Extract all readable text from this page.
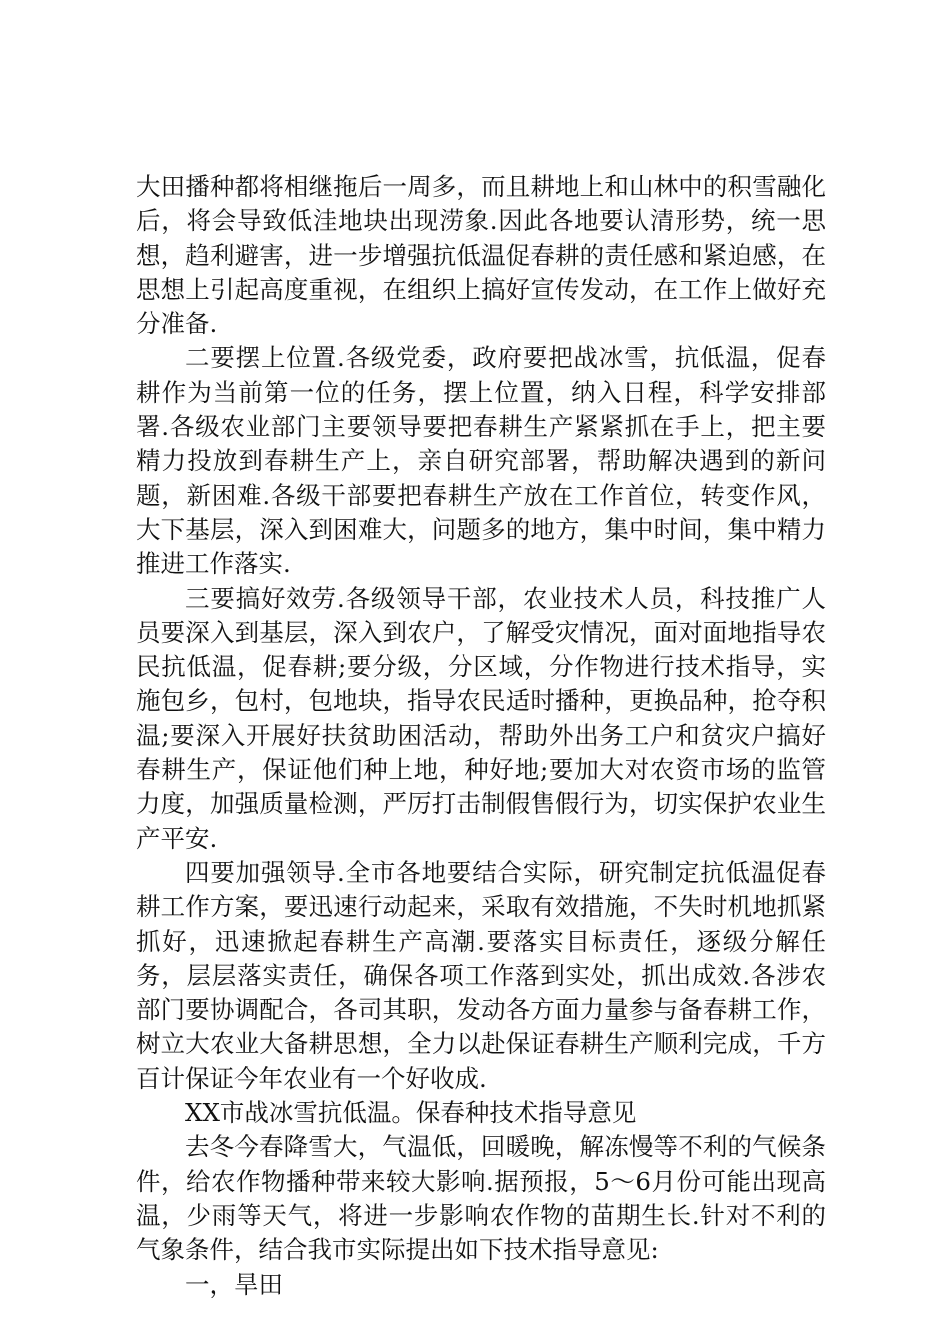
大田播种都将相继拖后一周多，而且耕地上和山林中的积雪融化后，将会导致低洼地块出现涝象.因此各地要认清形势，统一思想，趋利避害，进一步增强抗低温促春耕的责任感和紧迫感，在思想上引起高度重视，在组织上搞好宣传发动，在工作上做好充分准备.

二要摆上位置.各级党委，政府要把战冰雪，抗低温，促春耕作为当前第一位的任务，摆上位置，纳入日程，科学安排部署.各级农业部门主要领导要把春耕生产紧紧抓在手上，把主要精力投放到春耕生产上，亲自研究部署，帮助解决遇到的新问题，新困难.各级干部要把春耕生产放在工作首位，转变作风，大下基层，深入到困难大，问题多的地方，集中时间，集中精力推进工作落实.

三要搞好效劳.各级领导干部，农业技术人员，科技推广人员要深入到基层，深入到农户，了解受灾情况，面对面地指导农民抗低温，促春耕;要分级，分区域，分作物进行技术指导，实施包乡，包村，包地块，指导农民适时播种，更换品种，抢夺积温;要深入开展好扶贫助困活动，帮助外出务工户和贫灾户搞好春耕生产，保证他们种上地，种好地;要加大对农资市场的监管力度，加强质量检测，严厉打击制假售假行为，切实保护农业生产平安.

四要加强领导.全市各地要结合实际，研究制定抗低温促春耕工作方案，要迅速行动起来，采取有效措施，不失时机地抓紧抓好，迅速掀起春耕生产高潮.要落实目标责任，逐级分解任务，层层落实责任，确保各项工作落到实处，抓出成效.各涉农部门要协调配合，各司其职，发动各方面力量参与备春耕工作，树立大农业大备耕思想，全力以赴保证春耕生产顺利完成，千方百计保证今年农业有一个好收成.

XX市战冰雪抗低温。保春种技术指导意见

去冬今春降雪大，气温低，回暖晚，解冻慢等不利的气候条件，给农作物播种带来较大影响.据预报，5～6月份可能出现高温，少雨等天气，将进一步影响农作物的苗期生长.针对不利的气象条件，结合我市实际提出如下技术指导意见:

一，旱田
